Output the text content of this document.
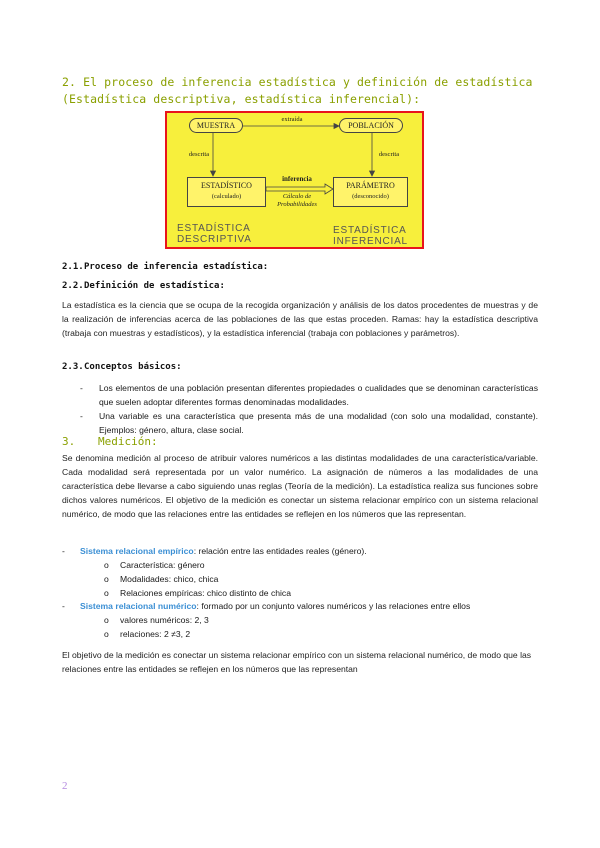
2. El proceso de inferencia estadística y definición de estadística (Estadística descriptiva, estadística inferencial):
MUESTRA	POBLACIÓN
extraída
descrita	descrita
ESTADÍSTICO
(calculado)
PARÁMETRO
(desconocido)
inferencia
Cálculo de
Probabilidades
ESTADÍSTICA
DESCRIPTIVA
ESTADÍSTICA
INFERENCIAL
2.1.Proceso de inferencia estadística:
2.2.Definición de estadística:

La estadística es la ciencia que se ocupa de la recogida organización y análisis de los datos procedentes de muestras y de la realización de inferencias acerca de las poblaciones de las que estas proceden. Ramas: hay la estadística descriptiva (trabaja con muestras y estadísticos), y la estadística inferencial (trabaja con poblaciones y parámetros).

2.3.Conceptos básicos:
- Los elementos de una población presentan diferentes propiedades o cualidades que se denominan características que suelen adoptar diferentes formas denominadas modalidades.
- Una variable es una característica que presenta más de una modalidad (con solo una modalidad, constante). Ejemplos: género, altura, clase social.
3. Medición:

Se denomina medición al proceso de atribuir valores numéricos a las distintas modalidades de una característica/variable. Cada modalidad será representada por un valor numérico. La asignación de números a las modalidades de una característica debe llevarse a cabo siguiendo unas reglas (Teoría de la medición). La estadística realiza sus funciones sobre dichos valores numéricos. El objetivo de la medición es conectar un sistema relacionar empírico con un sistema relacional numérico, de modo que las relaciones entre las entidades se reflejen en los números que las representan.

- Sistema relacional empírico: relación entre las entidades reales (género).
o Característica: género
o Modalidades: chico, chica
o Relaciones empíricas: chico distinto de chica
- Sistema relacional numérico: formado por un conjunto valores numéricos y las relaciones entre ellos
o valores numéricos: 2, 3
o relaciones: 2 ≠3, 2

El objetivo de la medición es conectar un sistema relacionar empírico con un sistema relacional numérico, de modo que las relaciones entre las entidades se reflejen en los números que las representan

2
